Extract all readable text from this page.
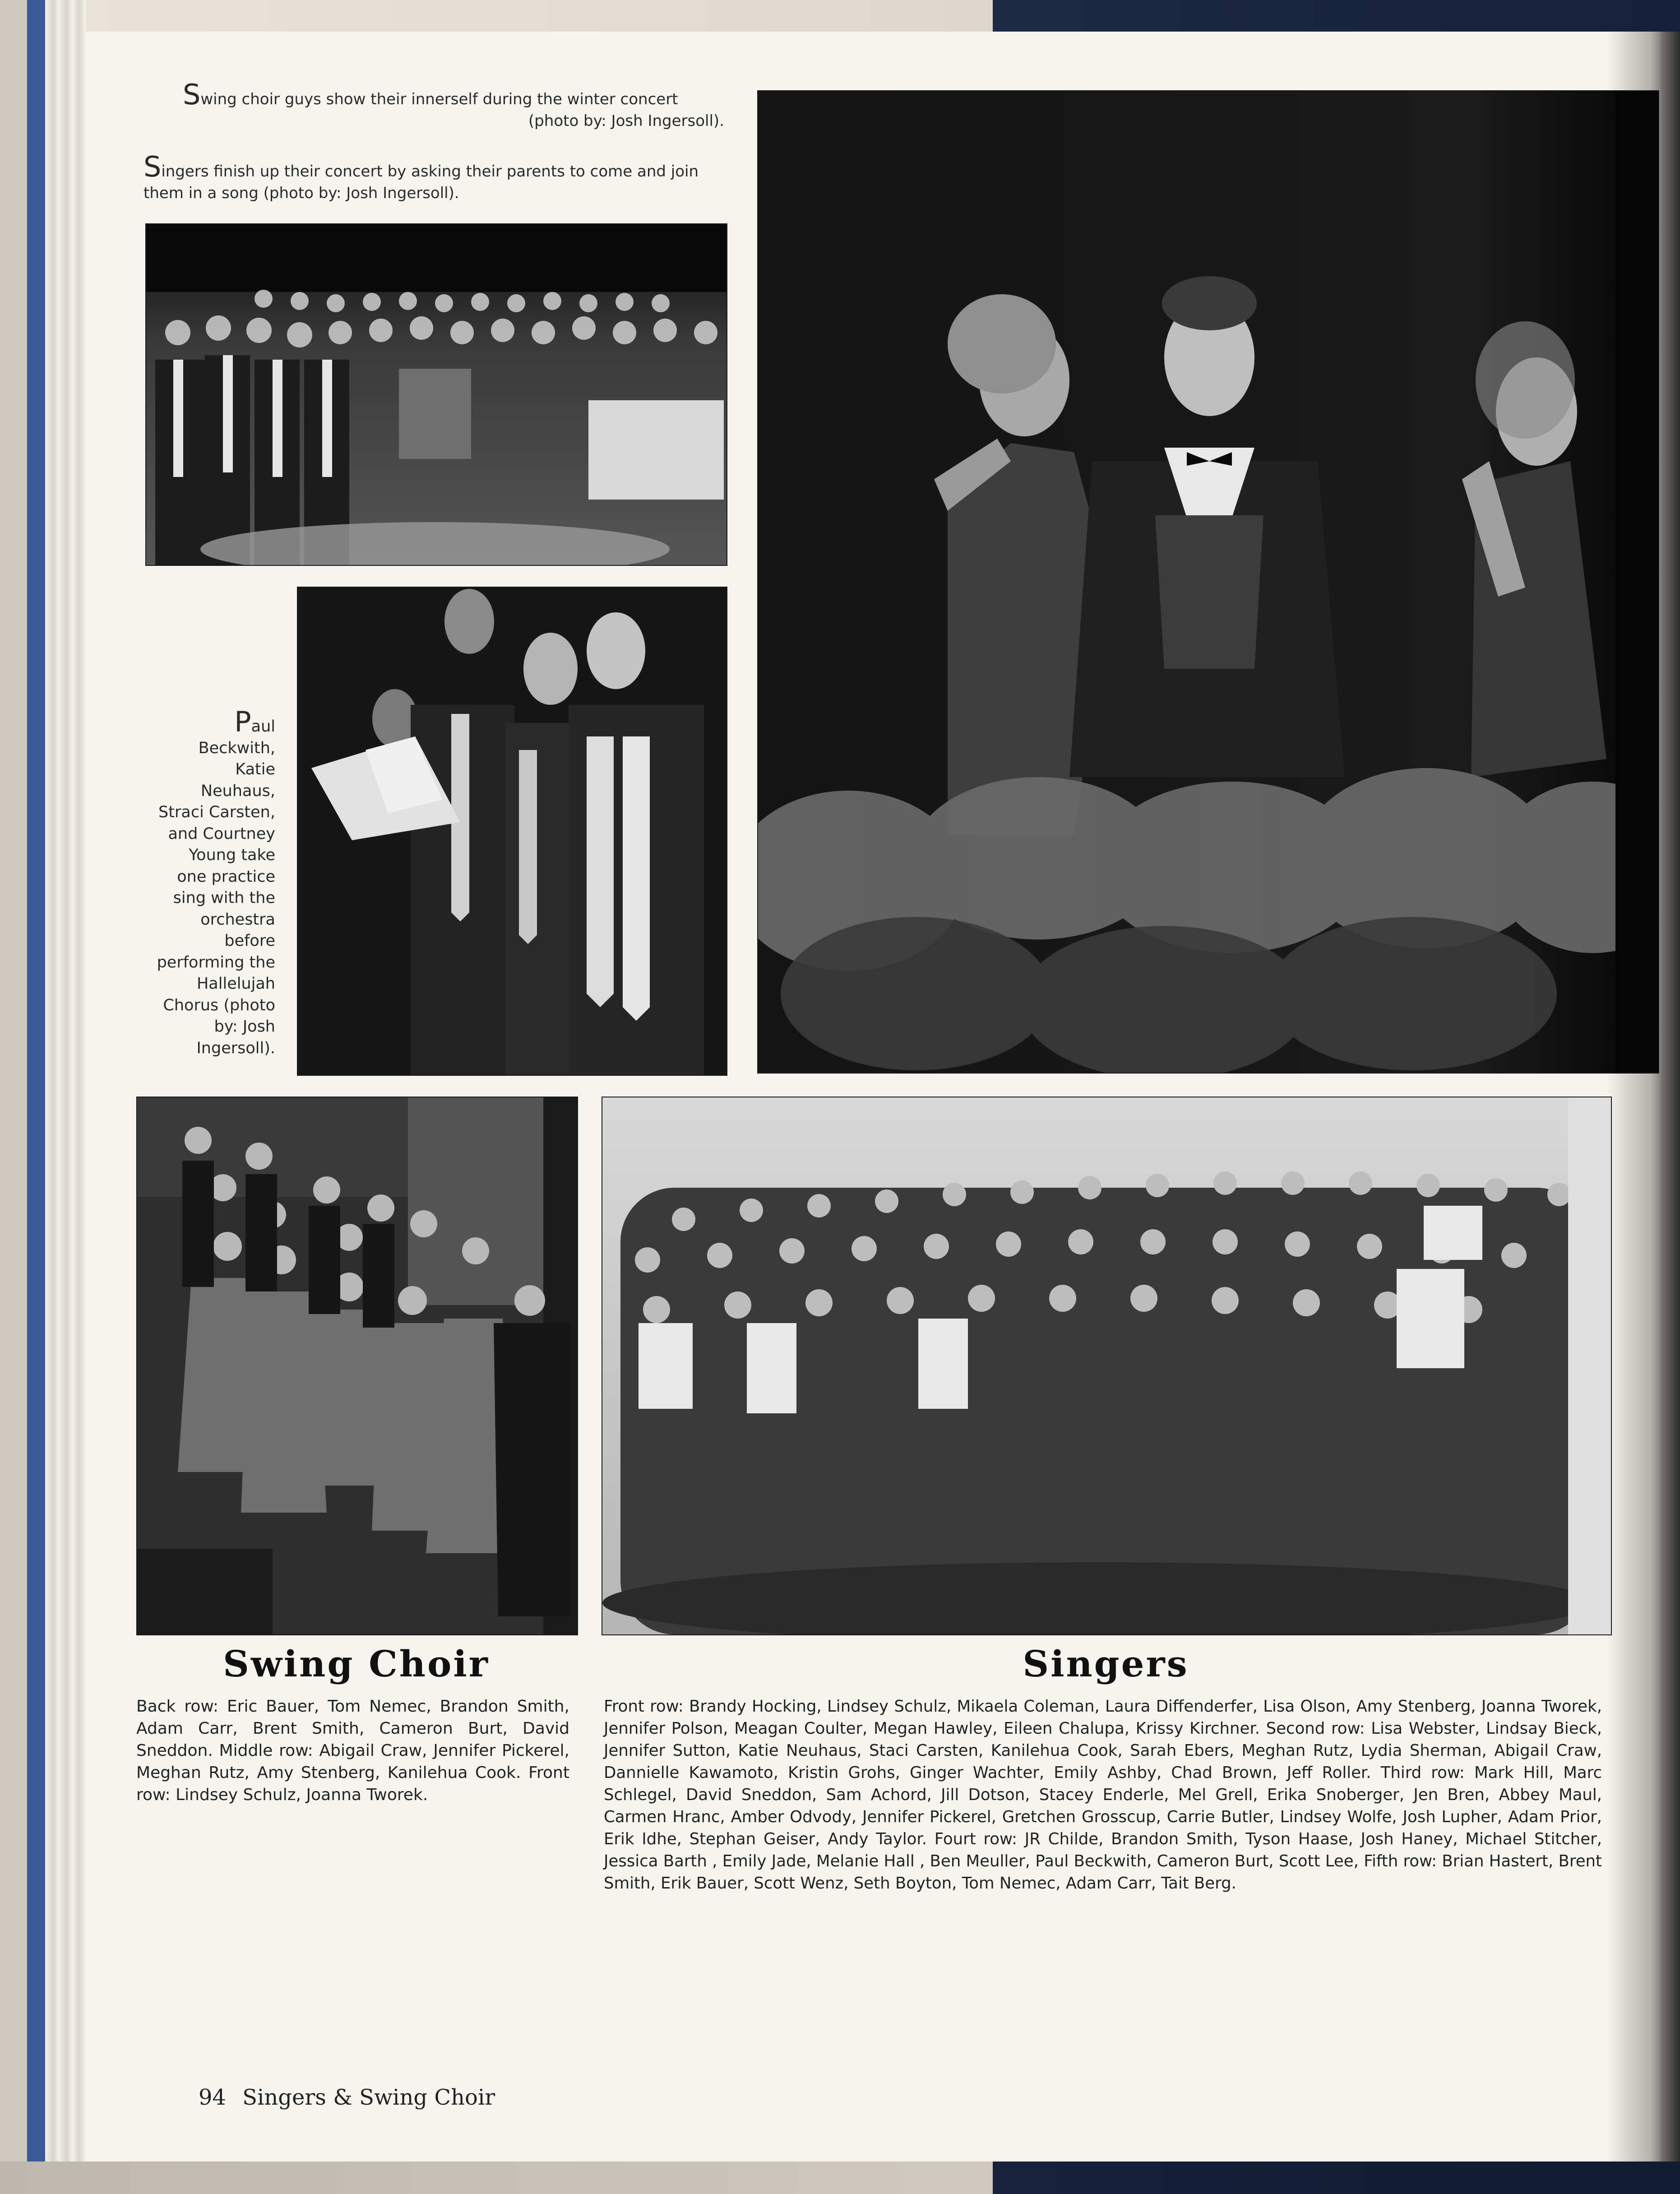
Swing choir guys show their innerself during the winter concert
(photo by: Josh Ingersoll).
Singers finish up their concert by asking their parents to come and join them in a song (photo by: Josh Ingersoll).
Paul
Beckwith,
Katie
Neuhaus,
Straci Carsten,
and Courtney
Young take
one practice
sing with the
orchestra
before
performing the
Hallelujah
Chorus (photo
by: Josh
Ingersoll).
Swing Choir
Back row: Eric Bauer, Tom Nemec, Brandon Smith, Adam Carr, Brent Smith, Cameron Burt, David Sneddon. Middle row: Abigail Craw, Jennifer Pickerel, Meghan Rutz, Amy Stenberg, Kanilehua Cook. Front row: Lindsey Schulz, Joanna Tworek.
Singers
Front row: Brandy Hocking, Lindsey Schulz, Mikaela Coleman, Laura Diffenderfer, Lisa Olson, Amy Stenberg, Joanna Tworek, Jennifer Polson, Meagan Coulter, Megan Hawley, Eileen Chalupa, Krissy Kirchner. Second row: Lisa Webster, Lindsay Bieck, Jennifer Sutton, Katie Neuhaus, Staci Carsten, Kanilehua Cook, Sarah Ebers, Meghan Rutz, Lydia Sherman, Abigail Craw, Dannielle Kawamoto, Kristin Grohs, Ginger Wachter, Emily Ashby, Chad Brown, Jeff Roller. Third row: Mark Hill, Marc Schlegel, David Sneddon, Sam Achord, Jill Dotson, Stacey Enderle, Mel Grell, Erika Snoberger, Jen Bren, Abbey Maul, Carmen Hranc, Amber Odvody, Jennifer Pickerel, Gretchen Grosscup, Carrie Butler, Lindsey Wolfe, Josh Lupher, Adam Prior, Erik Idhe, Stephan Geiser, Andy Taylor. Fourt row: JR Childe, Brandon Smith, Tyson Haase, Josh Haney, Michael Stitcher, Jessica Barth , Emily Jade, Melanie Hall , Ben Meuller, Paul Beckwith, Cameron Burt, Scott Lee, Fifth row: Brian Hastert, Brent Smith, Erik Bauer, Scott Wenz, Seth Boyton, Tom Nemec, Adam Carr, Tait Berg.
94 Singers & Swing Choir
